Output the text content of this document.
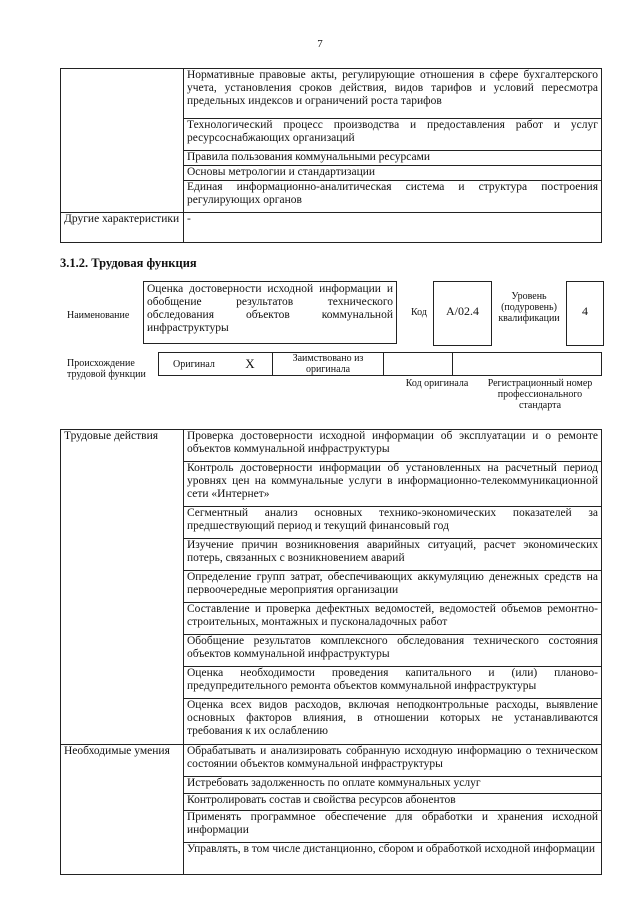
7
	Нормативные правовые акты, регулирующие отношения в сфере бухгалтерского учета, установления сроков действия, видов тарифов и условий пересмотра предельных индексов и ограничений роста тарифов
	Технологический процесс производства и предоставления работ и услуг ресурсоснабжающих организаций
	Правила пользования коммунальными ресурсами
	Основы метрологии и стандартизации
	Единая информационно-аналитическая система и структура построения регулирующих органов
Другие характеристики	-
3.1.2. Трудовая функция
Наименование
Оценка достоверности исходной информации и обобщение результатов технического обследования объектов коммунальной инфраструктуры
Код	A/02.4
Уровень (подуровень) квалификации
4
Происхождение трудовой функции
Оригинал	X	Заимствовано из оригинала		
Код оригинала	Регистрационный номер профессионального стандарта
Трудовые действия	Проверка достоверности исходной информации об эксплуатации и о ремонте объектов коммунальной инфраструктуры
	Контроль достоверности информации об установленных на расчетный период уровнях цен на коммунальные услуги в информационно-телекоммуникационной сети «Интернет»
	Сегментный анализ основных технико-экономических показателей за предшествующий период и текущий финансовый год
	Изучение причин возникновения аварийных ситуаций, расчет экономических потерь, связанных с возникновением аварий
	Определение групп затрат, обеспечивающих аккумуляцию денежных средств на первоочередные мероприятия организации
	Составление и проверка дефектных ведомостей, ведомостей объемов ремонтно-строительных, монтажных и пусконаладочных работ
	Обобщение результатов комплексного обследования технического состояния объектов коммунальной инфраструктуры
	Оценка необходимости проведения капитального и (или) планово-предупредительного ремонта объектов коммунальной инфраструктуры
	Оценка всех видов расходов, включая неподконтрольные расходы, выявление основных факторов влияния, в отношении которых не устанавливаются требования к их ослаблению
Необходимые умения	Обрабатывать и анализировать собранную исходную информацию о техническом состоянии объектов коммунальной инфраструктуры
	Истребовать задолженность по оплате коммунальных услуг
	Контролировать состав и свойства ресурсов абонентов
	Применять программное обеспечение для обработки и хранения исходной информации
	Управлять, в том числе дистанционно, сбором и обработкой исходной информации
